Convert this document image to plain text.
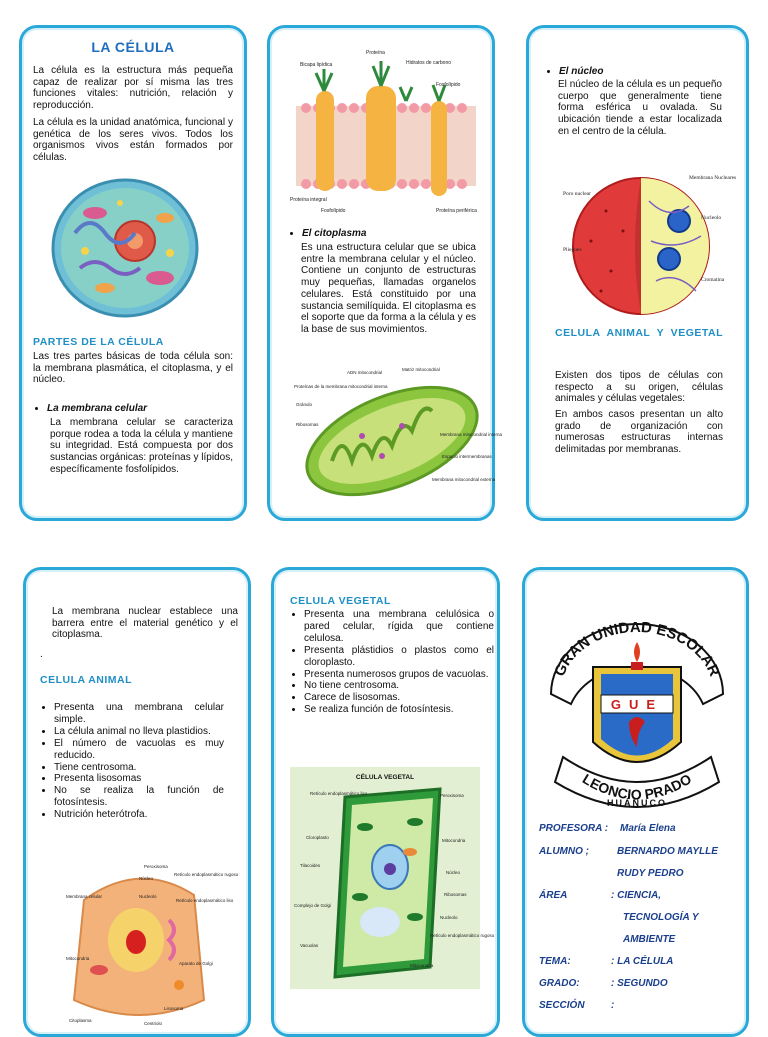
LA CÉLULA
La célula es la estructura más pequeña capaz de realizar por sí misma las tres funciones vitales: nutrición, relación y reproducción.
La célula es la unidad anatómica, funcional y genética de los seres vivos. Todos los organismos vivos están formados por células.
PARTES DE LA CÉLULA
Las tres partes básicas de toda célula son: la membrana plasmática, el citoplasma, y el núcleo.
• La membrana celular
La membrana celular se caracteriza porque rodea a toda la célula y mantiene su integridad. Está compuesta por dos sustancias orgánicas: proteínas y lípidos, específicamente fosfolípidos.
Bicapa lipídica
Proteína
Hidratos de carbono
Fosfolípido
Proteína integral
Fosfolípido	Proteína periférica
• El citoplasma
Es una estructura celular que se ubica entre la membrana celular y el núcleo. Contiene un conjunto de estructuras muy pequeñas, llamadas organelos celulares. Está constituido por una sustancia semilíquida. El citoplasma es el soporte que da forma a la célula y es la base de sus movimientos.
ADN mitocondrial
Matriz mitocondrial
Proteínas de la membrana mitocondrial interna
Gránulo
Ribosomas
Membrana mitocondrial interna
Espacio intermembranas
Membrana mitocondrial externa
• El núcleo
El núcleo de la célula es un pequeño cuerpo que generalmente tiene forma esférica u ovalada. Su ubicación tiende a estar localizada en el centro de la célula.
Poro nuclear
Membrana Nucleares
Nucleolo
Pliegues
Cromatina
CELULA ANIMAL Y VEGETAL
Existen dos tipos de células con respecto a su origen, células animales y células vegetales:
En ambos casos presentan un alto grado de organización con numerosas estructuras internas delimitadas por membranas.
La membrana nuclear establece una barrera entre el material genético y el citoplasma.
.
CELULA ANIMAL
• Presenta una membrana celular simple.
• La célula animal no lleva plastidios.
• El número de vacuolas es muy reducido.
• Tiene centrosoma.
• Presenta lisosomas
• No se realiza la función de fotosíntesis.
• Nutrición heterótrofa.
Peroxisoma
Núcleo
Retículo endoplasmático rugoso
Membrana celular	Nucleolo
Retículo endoplasmático liso
Mitocondria
Aparato de Golgi
Lisosoma
Citoplasma
Centriolo
CELULA VEGETAL
• Presenta una membrana celulósica o pared celular, rígida que contiene celulosa.
• Presenta plástidios o plastos como el cloroplasto.
• Presenta numerosos grupos de vacuolas.
• No tiene centrosoma.
• Carece de lisosomas.
• Se realiza función de fotosíntesis.
CÉLULA VEGETAL
Retículo endoplasmático liso	Peroxisoma
Cloroplasto
Mitocondria
Tilacoides
Núcleo
Ribosomas
Complejo de Golgi
Nucleolo
Vacuolas
Retículo endoplasmático rugoso
Mitocondria
GRAN UNIDAD ESCOLAR
GUE
LEONCIO PRADO
HUÁNUCO
PROFESORA : María Elena
ALUMNO ;	BERNARDO MAYLLE
RUDY PEDRO
ÁREA	: CIENCIA,
TECNOLOGÍA Y
AMBIENTE
TEMA:	: LA CÉLULA
GRADO:	: SEGUNDO
SECCIÓN	:
